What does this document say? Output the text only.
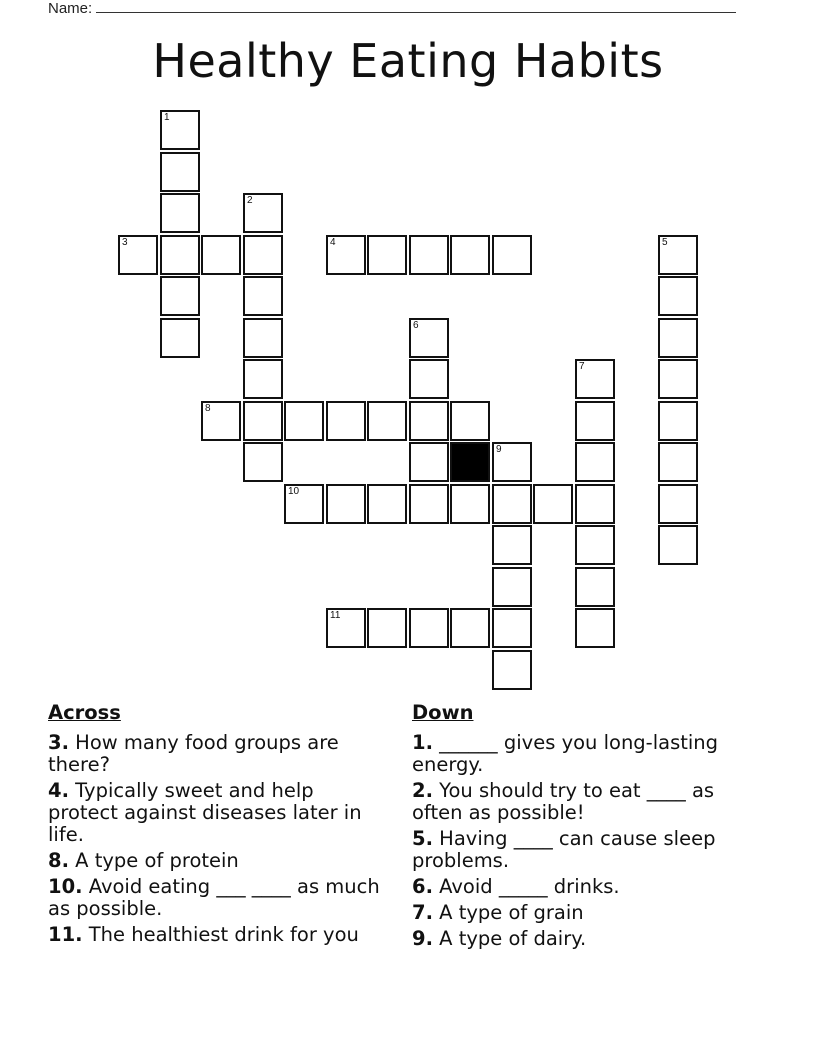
Name:
Healthy Eating Habits
1
3
2
4	5
6
7
8
9
10
11
Across
3. How many food groups are there?
4. Typically sweet and help protect against diseases later in life.
8. A type of protein
10. Avoid eating ___ ____ as much as possible.
11. The healthiest drink for you
Down
1. ______ gives you long-lasting energy.
2. You should try to eat ____ as often as possible!
5. Having ____ can cause sleep problems.
6. Avoid _____ drinks.
7. A type of grain
9. A type of dairy.
